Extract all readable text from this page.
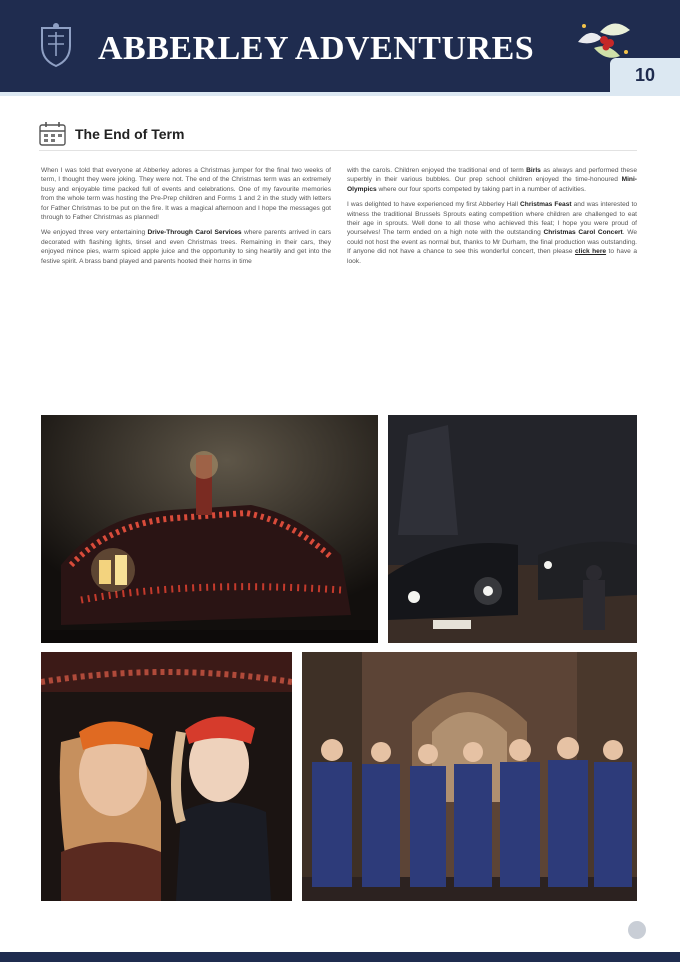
ABBERLEY ADVENTURES
10
The End of Term

When I was told that everyone at Abberley adores a Christmas jumper for the final two weeks of term, I thought they were joking. They were not. The end of the Christmas term was an extremely busy and enjoyable time packed full of events and celebrations. One of my favourite memories from the whole term was hosting the Pre-Prep children and Forms 1 and 2 in the study with letters for Father Christmas to be put on the fire. It was a magical afternoon and I hope the messages got through to Father Christmas as planned!

We enjoyed three very entertaining Drive-Through Carol Services where parents arrived in cars decorated with flashing lights, tinsel and even Christmas trees. Remaining in their cars, they enjoyed mince pies, warm spiced apple juice and the opportunity to sing heartily and get into the festive spirit. A brass band played and parents hooted their horns in time

with the carols. Children enjoyed the traditional end of term Birls as always and performed these superbly in their various bubbles. Our prep school children enjoyed the time-honoured Mini-Olympics where our four sports competed by taking part in a number of activities.

I was delighted to have experienced my first Abberley Hall Christmas Feast and was interested to witness the traditional Brussels Sprouts eating competition where children are challenged to eat their age in sprouts. Well done to all those who achieved this feat; I hope you were proud of yourselves! The term ended on a high note with the outstanding Christmas Carol Concert. We could not host the event as normal but, thanks to Mr Durham, the final production was outstanding. If anyone did not have a chance to see this wonderful concert, then please click here to have a look.
